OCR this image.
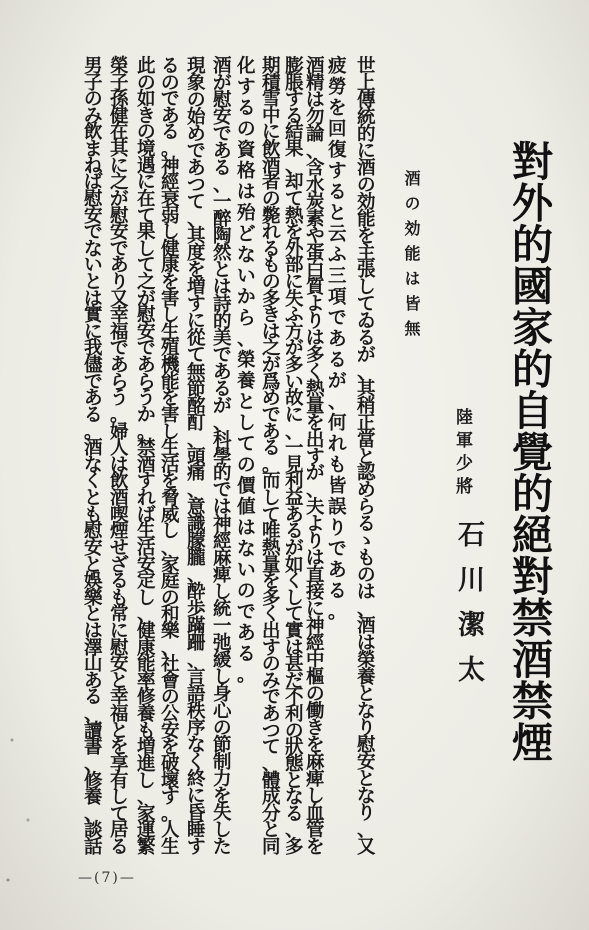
對外的國家的自覺的絕對禁酒禁煙
陸軍少將
石川潔太
酒の効能は皆無
世
上
傳
統
的
に
酒
の
効
能
を
主
張
し
て
ゐ
る
が
、
其
稍
正
當
と
認
め
ら
る
ゝ
も
の
は
、
酒
は
榮
養
と
な
り
慰
安
と
な
り
、
又
疲
勞
を
回
復
す
る
と
云
ふ
三
項
で
あ
る
が
、
何
れ
も
皆
誤
り
で
あ
る
。
酒
精
は
勿
論
、
含
水
炭
素
や
蛋
白
質
よ
り
は
多
く
熱
量
を
出
す
が
、
夫
よ
り
は
直
接
に
神
經
中
樞
の
働
き
を
麻
痺
し
血
管
を
膨
脹
す
る
結
果
、
却
て
熱
を
外
部
に
失
ふ
方
が
多
い
故
に
、
一
見
利
益
あ
る
が
如
く
し
て
實
は
甚
だ
不
利
の
狀
態
と
な
る
、
多
期
積
雪
中
に
飲
酒
者
の
斃
れ
る
も
の
多
き
は
之
が
爲
め
で
あ
る
。
而
し
て
唯
熱
量
を
多
く
出
す
の
み
で
あ
つ
て
、
體
成
分
と
同
化
す
る
の
資
格
は
殆
ど
な
い
か
ら
、
榮
養
と
し
て
の
價
値
は
な
い
の
で
あ
る
。
酒
が
慰
安
で
あ
る
、
一
醉
陶
然
と
は
詩
的
美
で
あ
る
が
、
科
學
的
で
は
神
經
麻
痺
し
統
一
弛
緩
し
身
心
の
節
制
力
を
失
し
た
現
象
の
始
め
で
あ
つ
て
、
其
度
を
増
す
に
從
て
無
節
酩
酊
、
頭
痛
、
意
識
朦
朧
、
酔
歩
蹣
跚
、
言
語
秩
序
な
く
終
に
昏
睡
す
る
の
で
あ
る
。
神
經
衰
弱
し
健
康
を
害
し
生
殖
機
能
を
害
し
生
活
を
脅
威
し
、
家
庭
の
和
樂
、
社
會
の
公
安
を
破
壞
す
。
人
生
此
の
如
き
の
境
遇
に
在
て
果
し
て
之
が
慰
安
で
あ
ら
う
か
。
禁
酒
す
れ
ば
生
活
安
定
し
、
健
康
能
率
修
養
も
増
進
し
、
家
運
繁
榮
子
孫
健
在
其
に
之
が
慰
安
で
あ
り
又
幸
福
で
あ
ら
う
。
婦
人
は
飲
酒
喫
煙
せ
ざ
る
も
常
に
慰
安
と
幸
福
と
を
享
有
し
て
居
る
男
子
の
み
飲
ま
ね
ば
慰
安
で
な
い
と
は
實
に
我
儘
で
あ
る
。
酒
な
く
と
も
慰
安
と
娛
樂
と
は
澤
山
あ
る
、
讀
書
、
修
養
、
談
話
—(7)—
